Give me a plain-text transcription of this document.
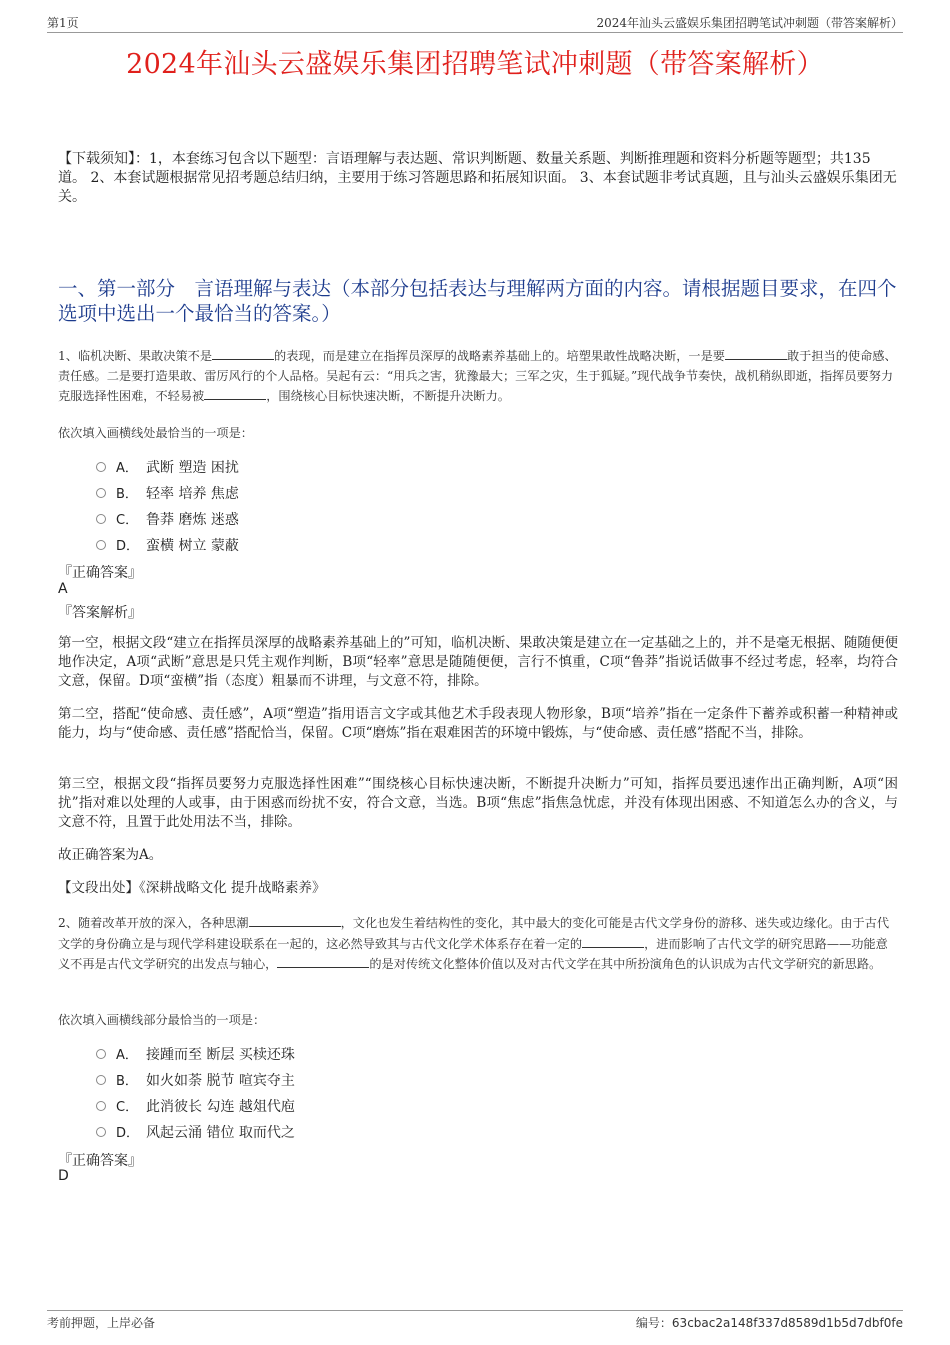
第1页	2024年汕头云盛娱乐集团招聘笔试冲刺题（带答案解析）
2024年汕头云盛娱乐集团招聘笔试冲刺题（带答案解析）
【下载须知】：1，本套练习包含以下题型：言语理解与表达题、常识判断题、数量关系题、判断推理题和资料分析题等题型；共135道。 2、本套试题根据常见招考题总结归纳，主要用于练习答题思路和拓展知识面。 3、本套试题非考试真题，且与汕头云盛娱乐集团无关。
一、第一部分　言语理解与表达（本部分包括表达与理解两方面的内容。请根据题目要求，在四个选项中选出一个最恰当的答案。）
1、临机决断、果敢决策不是	的表现，而是建立在指挥员深厚的战略素养基础上的。培塑果敢性战略决断，一是要	敢于担当的使命感、责任感。二是要打造果敢、雷厉风行的个人品格。吴起有云：“用兵之害，犹豫最大；三军之灾，生于狐疑。”现代战争节奏快，战机稍纵即逝，指挥员要努力克服选择性困难，不轻易被	，围绕核心目标快速决断，不断提升决断力。
依次填入画横线处最恰当的一项是：
A． 武断 塑造 困扰
B． 轻率 培养 焦虑
C． 鲁莽 磨炼 迷惑
D． 蛮横 树立 蒙蔽
『正确答案』
A
『答案解析』
第一空，根据文段“建立在指挥员深厚的战略素养基础上的”可知，临机决断、果敢决策是建立在一定基础之上的，并不是毫无根据、随随便便地作决定，A项“武断”意思是只凭主观作判断，B项“轻率”意思是随随便便，言行不慎重，C项“鲁莽”指说话做事不经过考虑，轻率，均符合文意，保留。D项“蛮横”指（态度）粗暴而不讲理，与文意不符，排除。
第二空，搭配“使命感、责任感”，A项“塑造”指用语言文字或其他艺术手段表现人物形象，B项“培养”指在一定条件下蓄养或积蓄一种精神或能力，均与“使命感、责任感”搭配恰当，保留。C项“磨炼”指在艰难困苦的环境中锻炼，与“使命感、责任感”搭配不当，排除。
第三空，根据文段“指挥员要努力克服选择性困难”“围绕核心目标快速决断，不断提升决断力”可知，指挥员要迅速作出正确判断，A项“困扰”指对难以处理的人或事，由于困惑而纷扰不安，符合文意，当选。B项“焦虑”指焦急忧虑，并没有体现出困惑、不知道怎么办的含义，与文意不符，且置于此处用法不当，排除。
故正确答案为A。
【文段出处】《深耕战略文化 提升战略素养》
2、随着改革开放的深入，各种思潮	，文化也发生着结构性的变化，其中最大的变化可能是古代文学身份的游移、迷失或边缘化。由于古代文学的身份确立是与现代学科建设联系在一起的，这必然导致其与古代文化学术体系存在着一定的	，进而影响了古代文学的研究思路——功能意义不再是古代文学研究的出发点与轴心，	的是对传统文化整体价值以及对古代文学在其中所扮演角色的认识成为古代文学研究的新思路。
依次填入画横线部分最恰当的一项是：
A． 接踵而至 断层 买椟还珠
B． 如火如荼 脱节 喧宾夺主
C． 此消彼长 勾连 越俎代庖
D． 风起云涌 错位 取而代之
『正确答案』
D
考前押题，上岸必备	编号：63cbac2a148f337d8589d1b5d7dbf0fe
